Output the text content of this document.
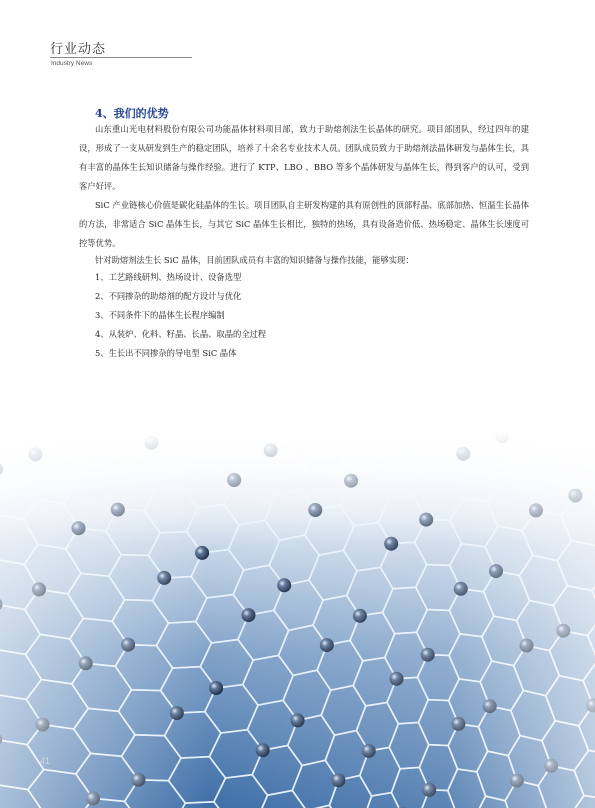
行业动态
Industry News
4、我们的优势

山东重山光电材料股份有限公司功能晶体材料项目部，致力于助熔剂法生长晶体的研究。项目部团队，经过四年的建设，形成了一支从研发到生产的稳定团队，培养了十余名专业技术人员。团队成员致力于助熔剂法晶体研发与晶体生长，具有丰富的晶体生长知识储备与操作经验。进行了 KTP、LBO 、BBO 等多个晶体研发与晶体生长，得到客户的认可，受到客户好评。

SiC 产业链核心价值是碳化硅晶体的生长。项目团队自主研发构建的具有原创性的顶部籽晶、底部加热、恒温生长晶体的方法，非常适合 SiC 晶体生长，与其它 SiC 晶体生长相比，独特的热场，具有设备造价低、热场稳定、晶体生长速度可控等优势。

针对助熔剂法生长 SiC 晶体，目前团队成员有丰富的知识储备与操作技能，能够实现：

1、工艺路线研判、热场设计、设备选型
2、不同掺杂的助熔剂的配方设计与优化
3、不同条件下的晶体生长程序编制
4、从装炉、化料、籽晶、长晶、取晶的全过程
5、生长出不同掺杂的导电型 SiC 晶体
41
